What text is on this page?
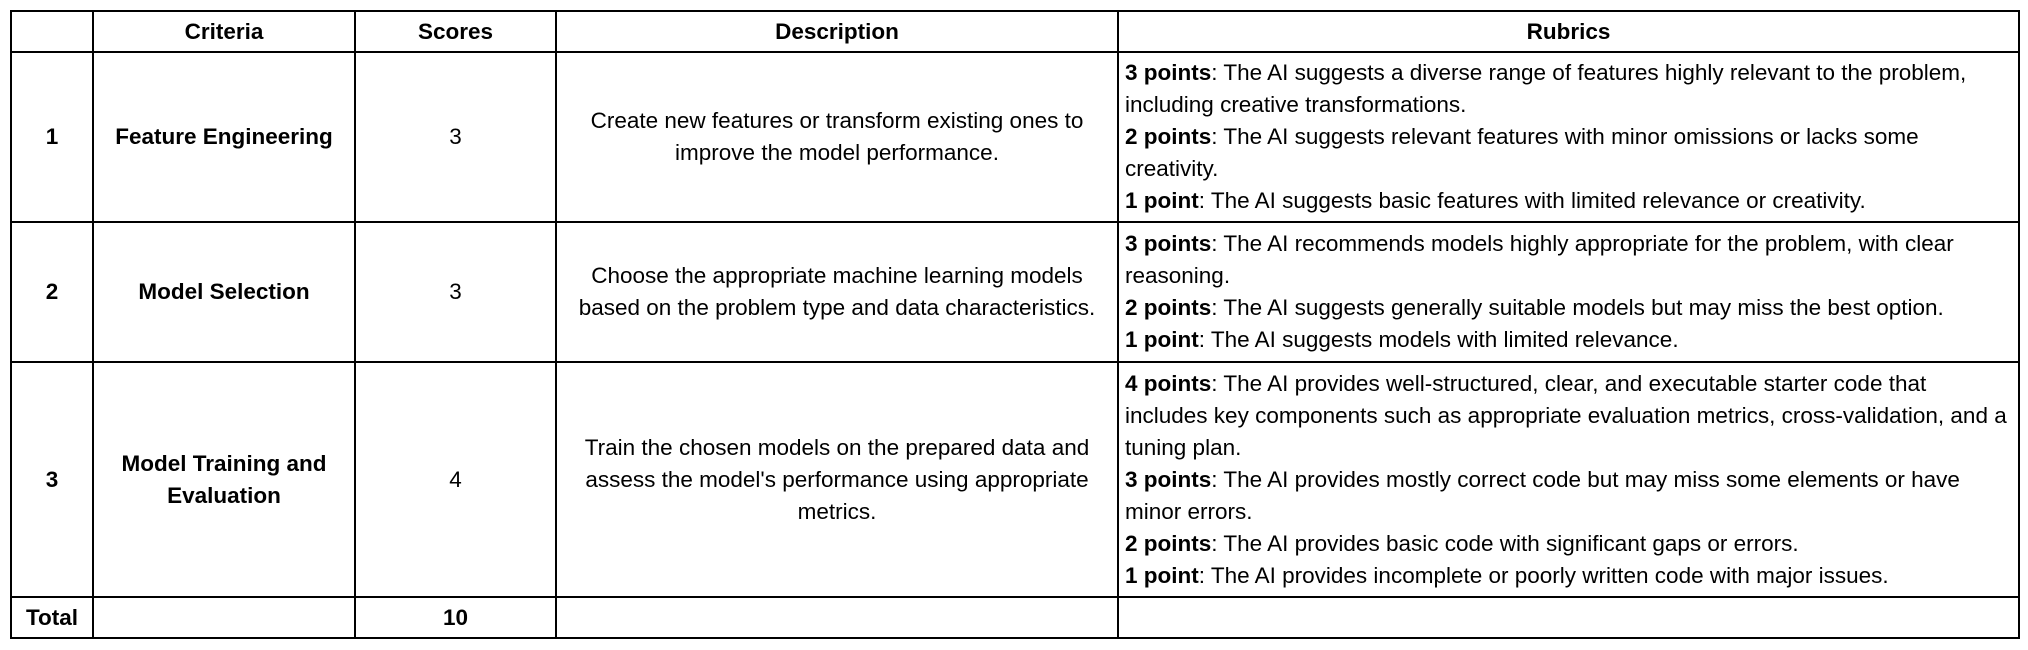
	Criteria	Scores	Description	Rubrics
1	Feature Engineering	3	Create new features or transform existing ones to improve the model performance.	3 points: The AI suggests a diverse range of features highly relevant to the problem, including creative transformations.
2 points: The AI suggests relevant features with minor omissions or lacks some creativity.
1 point: The AI suggests basic features with limited relevance or creativity.

2	Model Selection	3	Choose the appropriate machine learning models based on the problem type and data characteristics.	3 points: The AI recommends models highly appropriate for the problem, with clear reasoning.
2 points: The AI suggests generally suitable models but may miss the best option.
1 point: The AI suggests models with limited relevance.

3	Model Training and Evaluation	4	Train the chosen models on the prepared data and assess the model's performance using appropriate metrics.	4 points: The AI provides well-structured, clear, and executable starter code that includes key components such as appropriate evaluation metrics, cross-validation, and a tuning plan.
3 points: The AI provides mostly correct code but may miss some elements or have minor errors.
2 points: The AI provides basic code with significant gaps or errors.
1 point: The AI provides incomplete or poorly written code with major issues.

Total		10		
